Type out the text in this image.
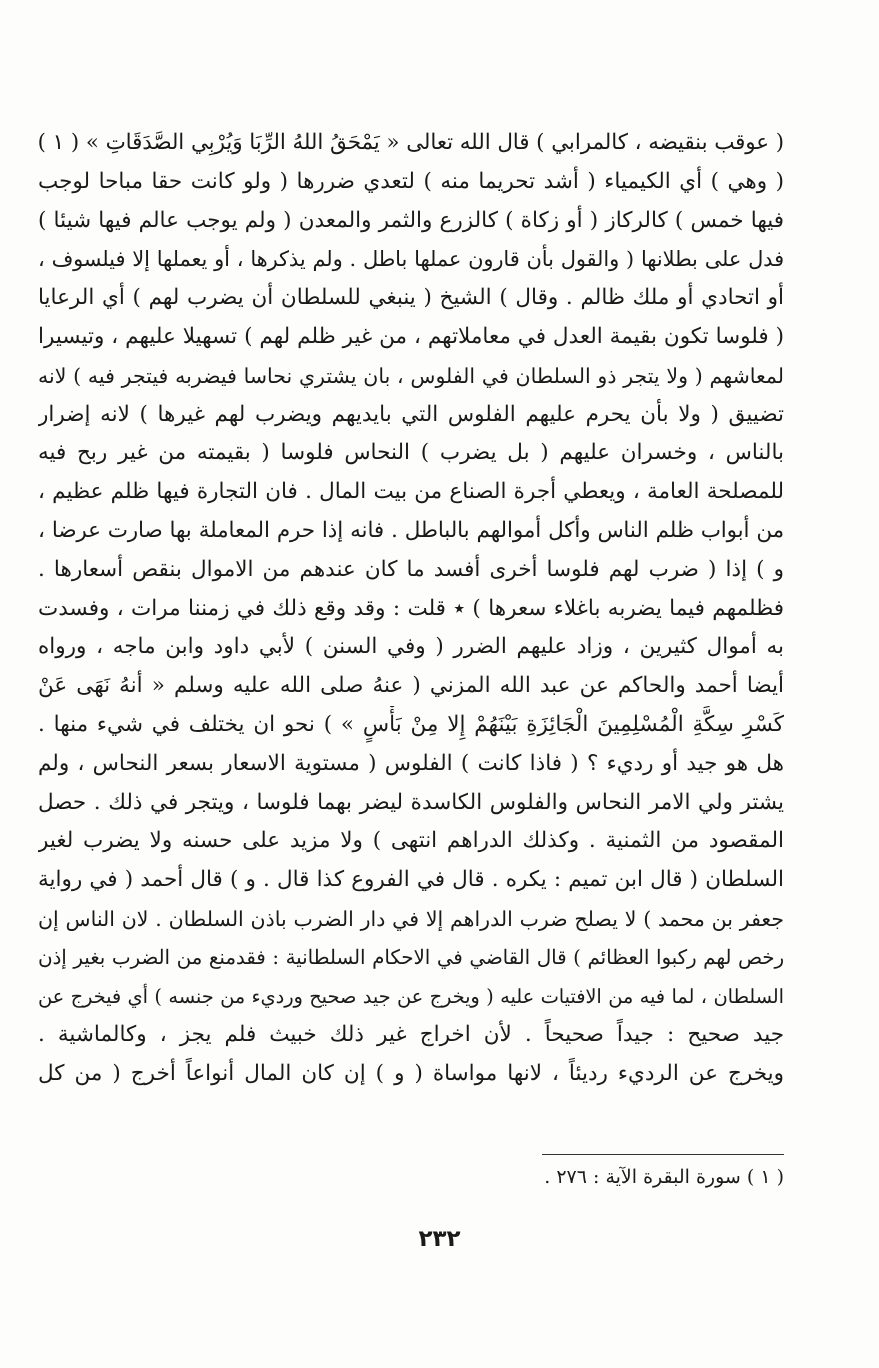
( عوقب بنقيضه ، كالمرابي ) قال الله تعالى « يَمْحَقُ اللهُ الرِّبَا وَيُرْبِي الصَّدَقَاتِ » ( ١ )
( وهي ) أي الكيمياء ( أشد تحريما منه ) لتعدي ضررها ( ولو كانت حقا مباحا لوجب
فيها خمس ) كالركاز ( أو زكاة ) كالزرع والثمر والمعدن ( ولم يوجب عالم فيها شيئا )
فدل على بطلانها ( والقول بأن قارون عملها باطل . ولم يذكرها ، أو يعملها إلا فيلسوف ،
أو اتحادي أو ملك ظالم . وقال ) الشيخ ( ينبغي للسلطان أن يضرب لهم ) أي الرعايا
( فلوسا تكون بقيمة العدل في معاملاتهم ، من غير ظلم لهم ) تسهيلا عليهم ، وتيسيرا
لمعاشهم ( ولا يتجر ذو السلطان في الفلوس ، بان يشتري نحاسا فيضربه فيتجر فيه ) لانه
تضييق ( ولا بأن يحرم عليهم الفلوس التي بايديهم ويضرب لهم غيرها ) لانه إضرار
بالناس ، وخسران عليهم ( بل يضرب ) النحاس فلوسا ( بقيمته من غير ربح فيه
للمصلحة العامة ، ويعطي أجرة الصناع من بيت المال . فان التجارة فيها ظلم عظيم ،
من أبواب ظلم الناس وأكل أموالهم بالباطل . فانه إذا حرم المعاملة بها صارت عرضا ،
و ) إذا ( ضرب لهم فلوسا أخرى أفسد ما كان عندهم من الاموال بنقص أسعارها .
فظلمهم فيما يضربه باغلاء سعرها ) ٭ قلت : وقد وقع ذلك في زمننا مرات ، وفسدت
به أموال كثيرين ، وزاد عليهم الضرر ( وفي السنن ) لأبي داود وابن ماجه ، ورواه
أيضا أحمد والحاكم عن عبد الله المزني ( عنهُ صلى الله عليه وسلم « أنهُ نَهَى عَنْ
كَسْرِ سِكَّةِ الْمُسْلِمِينَ الْجَائِزَةِ بَيْنَهُمْ إِلا مِنْ بَأْسٍ » ) نحو ان يختلف في شيء منها .
هل هو جيد أو رديء ؟ ( فاذا كانت ) الفلوس ( مستوية الاسعار بسعر النحاس ، ولم
يشتر ولي الامر النحاس والفلوس الكاسدة ليضر بهما فلوسا ، ويتجر في ذلك . حصل
المقصود من الثمنية . وكذلك الدراهم انتهى ) ولا مزيد على حسنه ولا يضرب لغير
السلطان ( قال ابن تميم : يكره . قال في الفروع كذا قال . و ) قال أحمد ( في رواية
جعفر بن محمد ) لا يصلح ضرب الدراهم إلا في دار الضرب باذن السلطان . لان الناس إن
رخص لهم ركبوا العظائم ) قال القاضي في الاحكام السلطانية : فقدمنع من الضرب بغير إذن
السلطان ، لما فيه من الافتيات عليه ( ويخرج عن جيد صحيح ورديء من جنسه ) أي فيخرج عن
جيد صحيح : جيداً صحيحاً . لأن اخراج غير ذلك خبيث فلم يجز ، وكالماشية .
ويخرج عن الرديء رديئاً ، لانها مواساة ( و ) إن كان المال أنواعاً أخرج ( من كل
( ١ ) سورة البقرة الآية : ٢٧٦ .
٢٣٢
